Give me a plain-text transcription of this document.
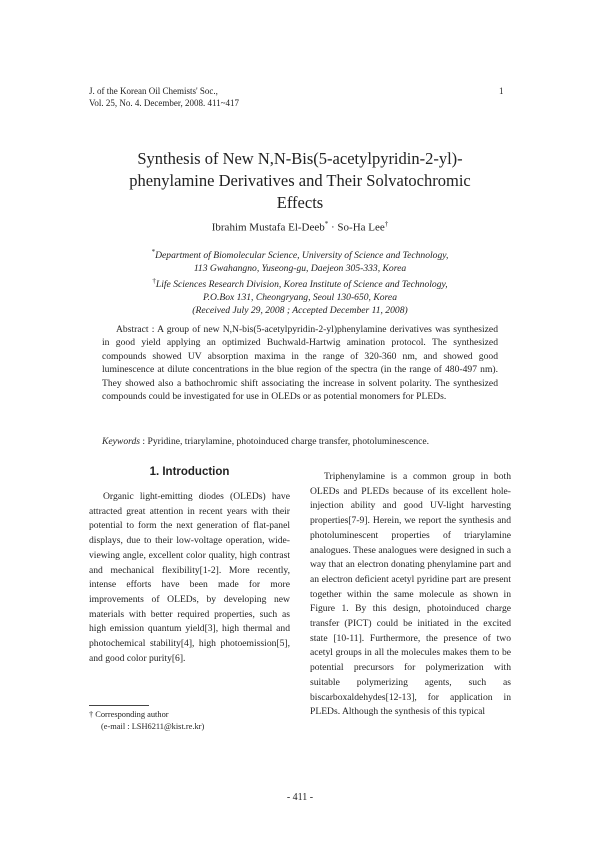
J. of the Korean Oil Chemists' Soc.,
Vol. 25, No. 4. December, 2008. 411~417
1
Synthesis of New N,N-Bis(5-acetylpyridin-2-yl)-
phenylamine Derivatives and Their Solvatochromic
Effects
Ibrahim Mustafa El-Deeb* · So-Ha Lee†
*Department of Biomolecular Science, University of Science and Technology,
113 Gwahangno, Yuseong-gu, Daejeon 305-333, Korea
†Life Sciences Research Division, Korea Institute of Science and Technology,
P.O.Box 131, Cheongryang, Seoul 130-650, Korea
(Received July 29, 2008 ; Accepted December 11, 2008)
Abstract : A group of new N,N-bis(5-acetylpyridin-2-yl)phenylamine derivatives was synthesized in good yield applying an optimized Buchwald-Hartwig amination protocol. The synthesized compounds showed UV absorption maxima in the range of 320-360 nm, and showed good luminescence at dilute concentrations in the blue region of the spectra (in the range of 480-497 nm). They showed also a bathochromic shift associating the increase in solvent polarity. The synthesized compounds could be investigated for use in OLEDs or as potential monomers for PLEDs.
Keywords : Pyridine, triarylamine, photoinduced charge transfer, photoluminescence.
1. Introduction

Organic light-emitting diodes (OLEDs) have attracted great attention in recent years with their potential to form the next generation of flat-panel displays, due to their low-voltage operation, wide-viewing angle, excellent color quality, high contrast and mechanical flexibility[1-2]. More recently, intense efforts have been made for more improvements of OLEDs, by developing new materials with better required properties, such as high emission quantum yield[3], high thermal and photochemical stability[4], high photoemission[5], and good color purity[6].

Triphenylamine is a common group in both OLEDs and PLEDs because of its excellent hole-injection ability and good UV-light harvesting properties[7-9]. Herein, we report the synthesis and photoluminescent properties of triarylamine analogues. These analogues were designed in such a way that an electron donating phenylamine part and an electron deficient acetyl pyridine part are present together within the same molecule as shown in Figure 1. By this design, photoinduced charge transfer (PICT) could be initiated in the excited state [10-11]. Furthermore, the presence of two acetyl groups in all the molecules makes them to be potential precursors for polymerization with suitable polymerizing agents, such as biscarboxaldehydes[12-13], for application in PLEDs. Although the synthesis of this typical

† Corresponding author
(e-mail : LSH6211@kist.re.kr)
- 411 -
